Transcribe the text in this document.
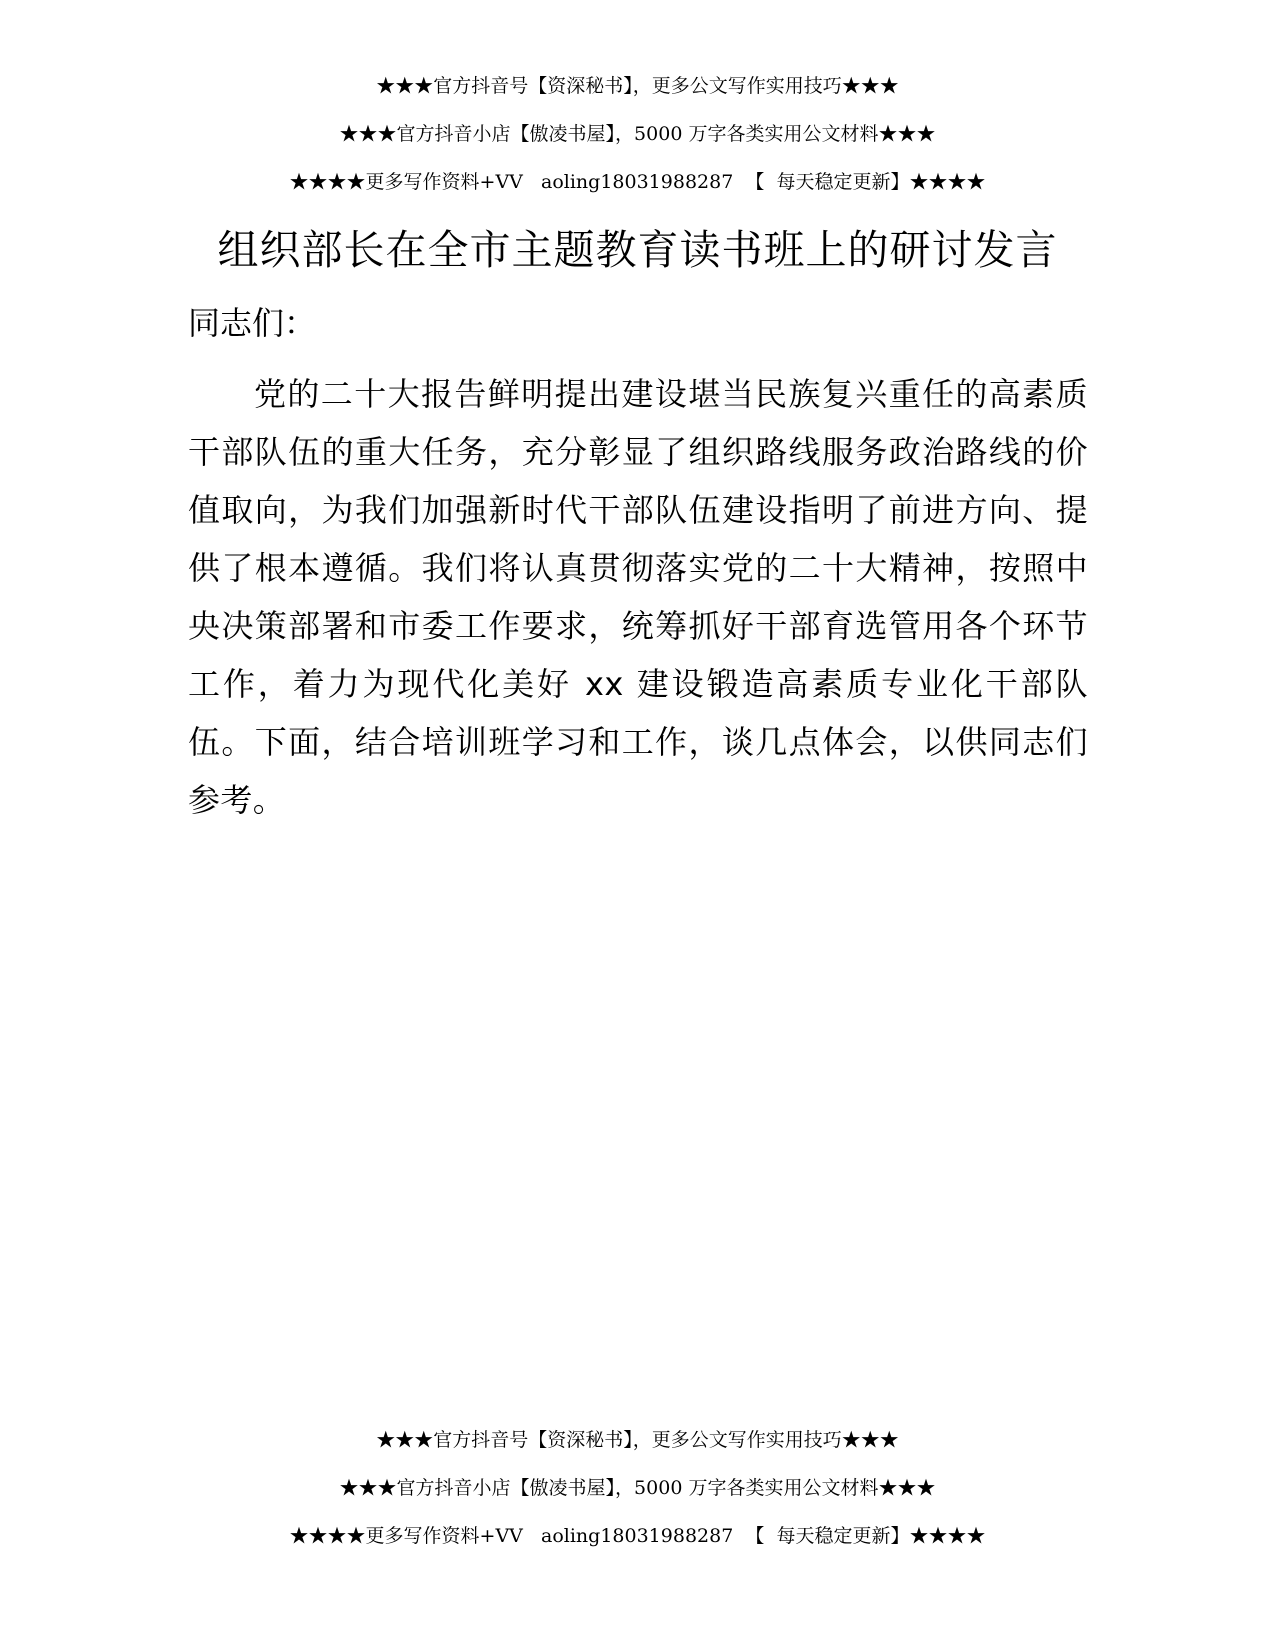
★★★官方抖音号【资深秘书】，更多公文写作实用技巧★★★
★★★官方抖音小店【傲凌书屋】，5000 万字各类实用公文材料★★★
★★★★更多写作资料+VV   aoling18031988287  【  每天稳定更新】★★★★
组织部长在全市主题教育读书班上的研讨发言

同志们：

党的二十大报告鲜明提出建设堪当民族复兴重任的高素质干部队伍的重大任务，充分彰显了组织路线服务政治路线的价值取向，为我们加强新时代干部队伍建设指明了前进方向、提供了根本遵循。我们将认真贯彻落实党的二十大精神，按照中央决策部署和市委工作要求，统筹抓好干部育选管用各个环节工作，着力为现代化美好 xx 建设锻造高素质专业化干部队伍。下面，结合培训班学习和工作，谈几点体会，以供同志们参考。

★★★官方抖音号【资深秘书】，更多公文写作实用技巧★★★
★★★官方抖音小店【傲凌书屋】，5000 万字各类实用公文材料★★★
★★★★更多写作资料+VV   aoling18031988287  【  每天稳定更新】★★★★
